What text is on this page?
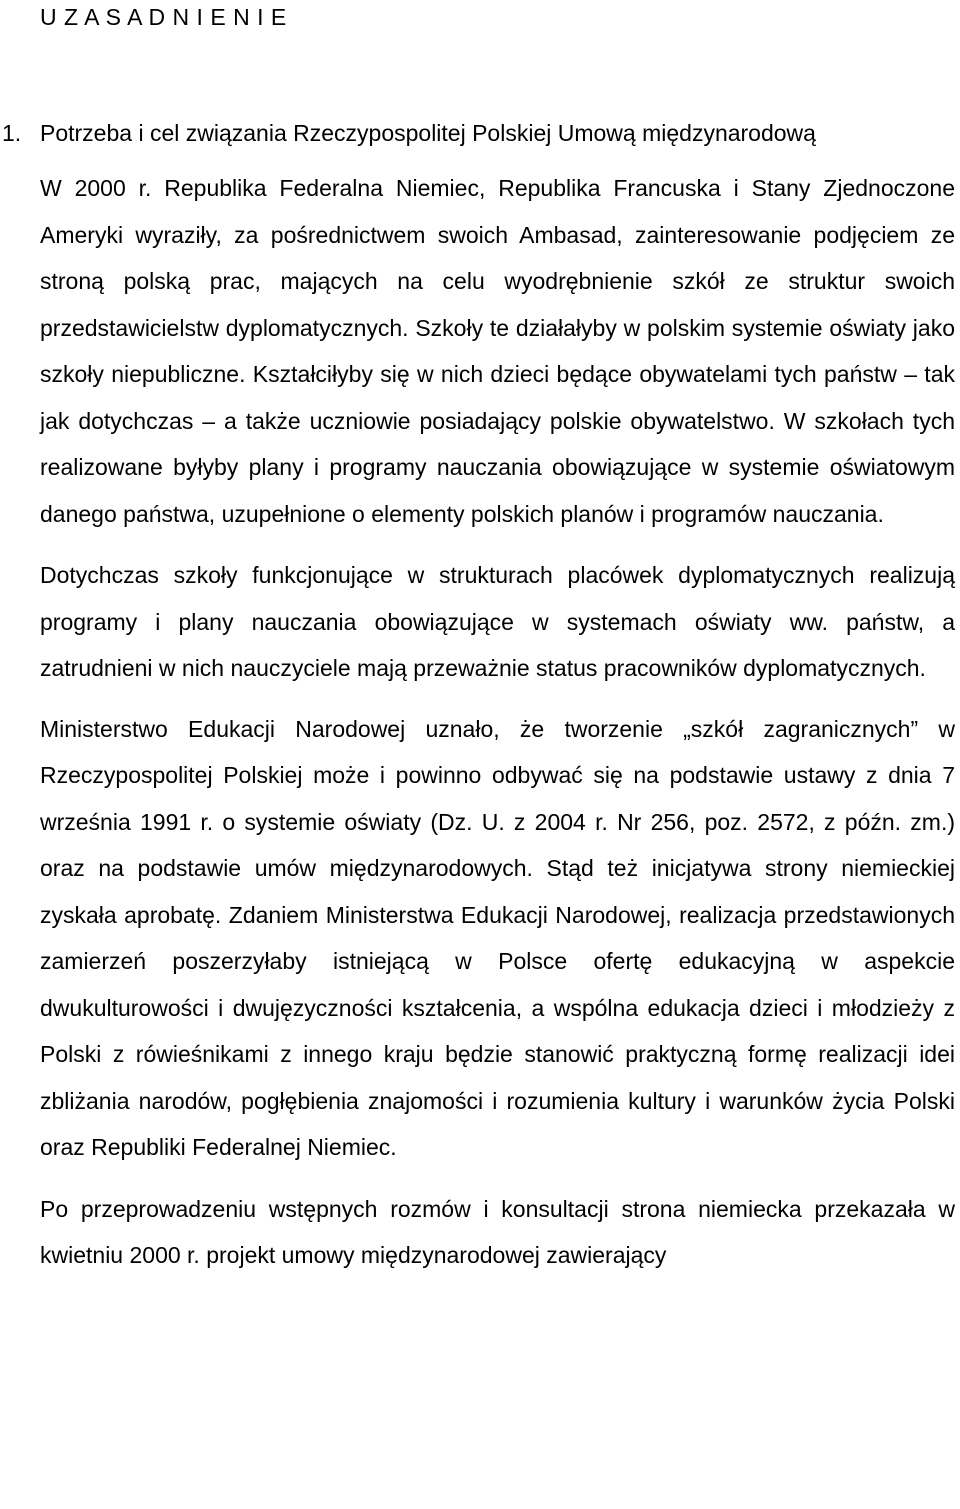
U Z A S A D N I E N I E
1. Potrzeba i cel związania Rzeczypospolitej Polskiej Umową międzynarodową

W 2000 r. Republika Federalna Niemiec, Republika Francuska i Stany Zjednoczone Ameryki wyraziły, za pośrednictwem swoich Ambasad, zainteresowanie podjęciem ze stroną polską prac, mających na celu wyodrębnienie szkół ze struktur swoich przedstawicielstw dyplomatycznych. Szkoły te działałyby w polskim systemie oświaty jako szkoły niepubliczne. Kształciłyby się w nich dzieci będące obywatelami tych państw – tak jak dotychczas – a także uczniowie posiadający polskie obywatelstwo. W szkołach tych realizowane byłyby plany i programy nauczania obowiązujące w systemie oświatowym danego państwa, uzupełnione o elementy polskich planów i programów nauczania.

Dotychczas szkoły funkcjonujące w strukturach placówek dyplomatycznych realizują programy i plany nauczania obowiązujące w systemach oświaty ww. państw, a zatrudnieni w nich nauczyciele mają przeważnie status pracowników dyplomatycznych.

Ministerstwo Edukacji Narodowej uznało, że tworzenie „szkół zagranicznych” w Rzeczypospolitej Polskiej może i powinno odbywać się na podstawie ustawy z dnia 7 września 1991 r. o systemie oświaty (Dz. U. z 2004 r. Nr 256, poz. 2572, z późn. zm.) oraz na podstawie umów międzynarodowych. Stąd też inicjatywa strony niemieckiej zyskała aprobatę. Zdaniem Ministerstwa Edukacji Narodowej, realizacja przedstawionych zamierzeń poszerzyłaby istniejącą w Polsce ofertę edukacyjną w aspekcie dwukulturowości i dwujęzyczności kształcenia, a wspólna edukacja dzieci i młodzieży z Polski z rówieśnikami z innego kraju będzie stanowić praktyczną formę realizacji idei zbliżania narodów, pogłębienia znajomości i rozumienia kultury i warunków życia Polski oraz Republiki Federalnej Niemiec.

Po przeprowadzeniu wstępnych rozmów i konsultacji strona niemiecka przekazała w kwietniu 2000 r. projekt umowy międzynarodowej zawierający
